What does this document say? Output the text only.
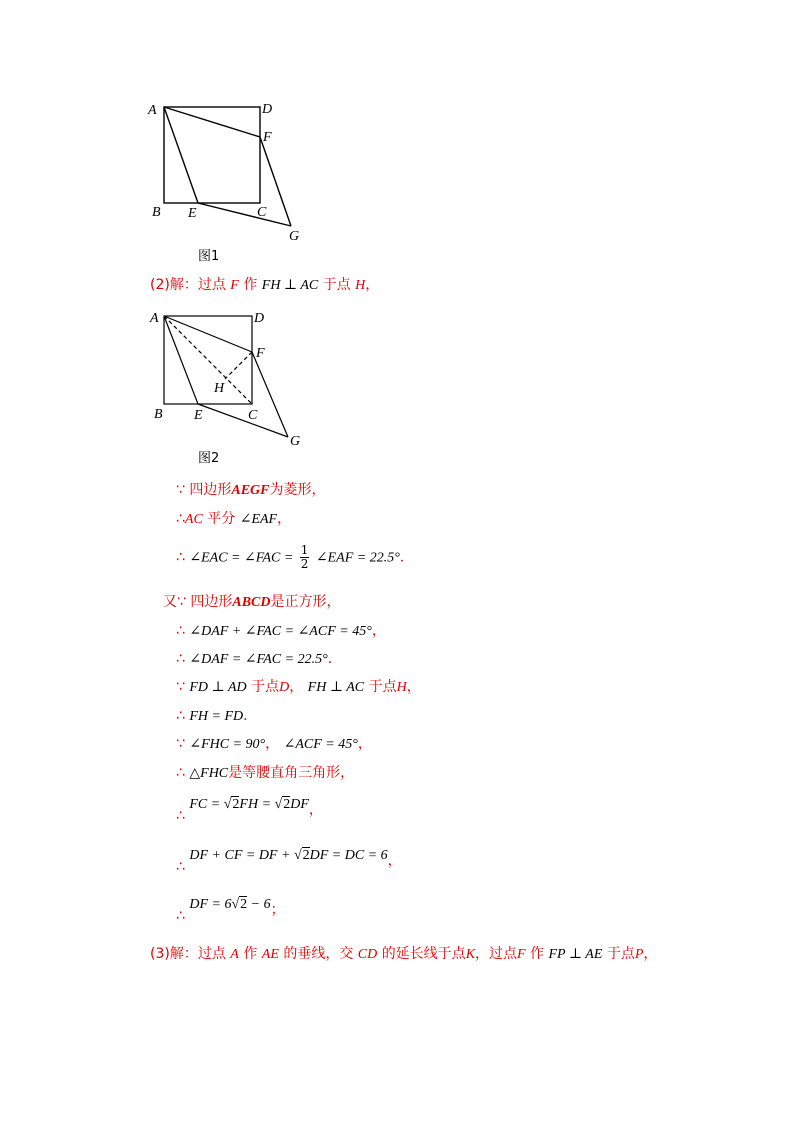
A	D
F
B E	C
G
图1
(2)解：过点 F 作 FH ⊥ AC 于点 H，
A	D
F
H
B E	C
G
图2
∵ 四边形AEGF为菱形，
∴AC 平分 ∠EAF，
∴ ∠EAC = ∠FAC = $\frac{1}{2}$ ∠EAF = 22.5°.
又∵ 四边形ABCD是正方形，
∴ ∠DAF + ∠FAC = ∠ACF = 45°，
∴ ∠DAF = ∠FAC = 22.5°.
∵ FD ⊥ AD 于点D， FH ⊥ AC 于点H，
∴ FH = FD.
∵ ∠FHC = 90°， ∠ACF = 45°，
∴ △FHC是等腰直角三角形，
∴ FC = √2FH = √2DF，
∴ DF + CF = DF + √2DF = DC = 6，
∴ DF = 6√2 − 6；
(3)解：过点 A 作 AE 的垂线，交 CD 的延长线于点K，过点F 作 FP ⊥ AE 于点P，
